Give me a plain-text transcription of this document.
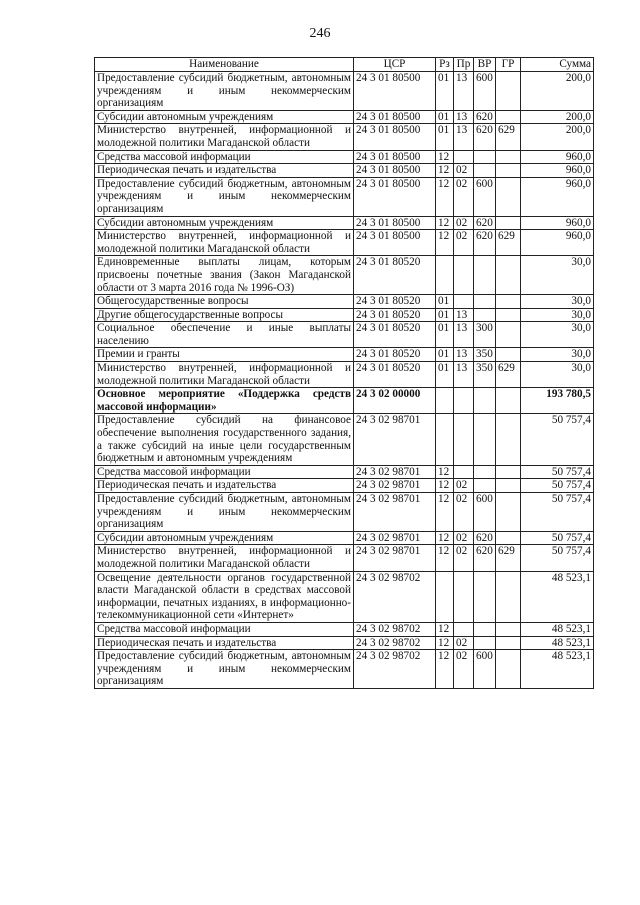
246
Наименование	ЦСР	Рз	Пр	ВР	ГР	Сумма
Предоставление субсидий бюджетным, автономным учреждениям и иным некоммерческим организациям	24 3 01 80500	01	13	600		200,0
Субсидии автономным учреждениям	24 3 01 80500	01	13	620		200,0
Министерство внутренней, информационной и молодежной политики Магаданской области	24 3 01 80500	01	13	620	629	200,0
Средства массовой информации	24 3 01 80500	12				960,0
Периодическая печать и издательства	24 3 01 80500	12	02			960,0
Предоставление субсидий бюджетным, автономным учреждениям и иным некоммерческим организациям	24 3 01 80500	12	02	600		960,0
Субсидии автономным учреждениям	24 3 01 80500	12	02	620		960,0
Министерство внутренней, информационной и молодежной политики Магаданской области	24 3 01 80500	12	02	620	629	960,0
Единовременные выплаты лицам, которым присвоены почетные звания (Закон Магаданской области от 3 марта 2016 года № 1996-ОЗ)	24 3 01 80520					30,0
Общегосударственные вопросы	24 3 01 80520	01				30,0
Другие общегосударственные вопросы	24 3 01 80520	01	13			30,0
Социальное обеспечение и иные выплаты населению	24 3 01 80520	01	13	300		30,0
Премии и гранты	24 3 01 80520	01	13	350		30,0
Министерство внутренней, информационной и молодежной политики Магаданской области	24 3 01 80520	01	13	350	629	30,0
Основное мероприятие «Поддержка средств массовой информации»	24 3 02 00000					193 780,5
Предоставление субсидий на финансовое обеспечение выполнения государственного задания, а также субсидий на иные цели государственным бюджетным и автономным учреждениям	24 3 02 98701					50 757,4
Средства массовой информации	24 3 02 98701	12				50 757,4
Периодическая печать и издательства	24 3 02 98701	12	02			50 757,4
Предоставление субсидий бюджетным, автономным учреждениям и иным некоммерческим организациям	24 3 02 98701	12	02	600		50 757,4
Субсидии автономным учреждениям	24 3 02 98701	12	02	620		50 757,4
Министерство внутренней, информационной и молодежной политики Магаданской области	24 3 02 98701	12	02	620	629	50 757,4
Освещение деятельности органов государственной власти Магаданской области в средствах массовой информации, печатных изданиях, в информационно-телекоммуникационной сети «Интернет»	24 3 02 98702					48 523,1
Средства массовой информации	24 3 02 98702	12				48 523,1
Периодическая печать и издательства	24 3 02 98702	12	02			48 523,1
Предоставление субсидий бюджетным, автономным учреждениям и иным некоммерческим организациям	24 3 02 98702	12	02	600		48 523,1
